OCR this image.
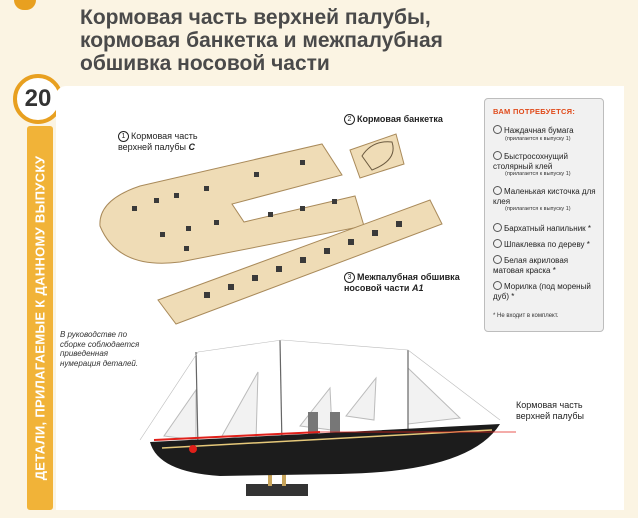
Кормовая часть верхней палубы,
кормовая банкетка и межпалубная
обшивка носовой части
ДЕТАЛИ, ПРИЛАГАЕМЫЕ К ДАННОМУ ВЫПУСКУ
20
1 Кормовая часть
верхней палубы C
2 Кормовая банкетка
3 Межпалубная обшивка
носовой части A1
ВАМ ПОТРЕБУЕТСЯ:
Наждачная бумага
(прилагается к выпуску 1)
Быстросохнущий столярный клей
(прилагается к выпуску 1)
Маленькая кисточка для клея
(прилагается к выпуску 1)
Бархатный напильник *
Шпаклевка по дереву *
Белая акриловая матовая краска *
Морилка (под мореный дуб) *
* Не входит в комплект.
В руководстве по сборке соблюдается приведенная нумерация деталей.
Кормовая часть верхней палубы
